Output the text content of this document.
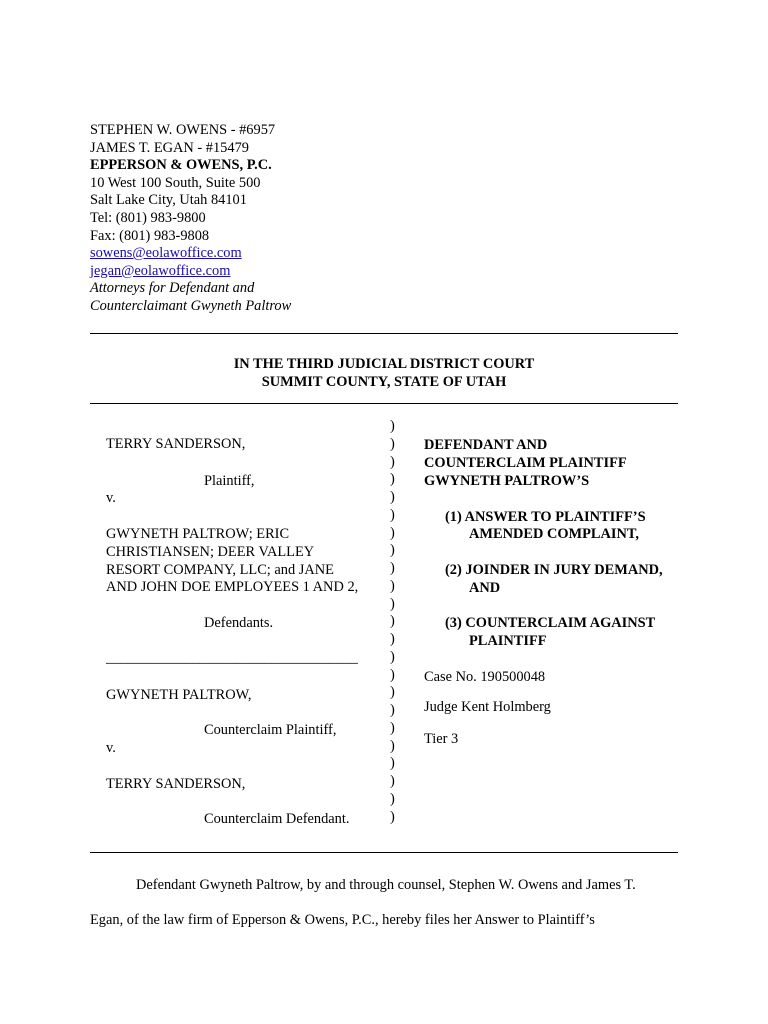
STEPHEN W. OWENS - #6957
JAMES T. EGAN - #15479
EPPERSON & OWENS, P.C.
10 West 100 South, Suite 500
Salt Lake City, Utah 84101
Tel: (801) 983-9800
Fax: (801) 983-9808
sowens@eolawoffice.com
jegan@eolawoffice.com
Attorneys for Defendant and
Counterclaimant Gwyneth Paltrow
IN THE THIRD JUDICIAL DISTRICT COURT
SUMMIT COUNTY, STATE OF UTAH
TERRY SANDERSON,
Plaintiff,
v.
GWYNETH PALTROW; ERIC
CHRISTIANSEN; DEER VALLEY
RESORT COMPANY, LLC; and JANE
AND JOHN DOE EMPLOYEES 1 AND 2,
Defendants.
___________________________________
GWYNETH PALTROW,
Counterclaim Plaintiff,
v.
TERRY SANDERSON,
Counterclaim Defendant.
)
)
)
)
)
)
)
)
)
)
)
)
)
)
)
)
)
)
)
)
)
)
)
DEFENDANT AND
COUNTERCLAIM PLAINTIFF
GWYNETH PALTROW’S
(1) ANSWER TO PLAINTIFF’S
AMENDED COMPLAINT,
(2) JOINDER IN JURY DEMAND,
AND
(3) COUNTERCLAIM AGAINST
PLAINTIFF
Case No. 190500048
Judge Kent Holmberg
Tier 3
Defendant Gwyneth Paltrow, by and through counsel, Stephen W. Owens and James T.
Egan, of the law firm of Epperson & Owens, P.C., hereby files her Answer to Plaintiff’s
